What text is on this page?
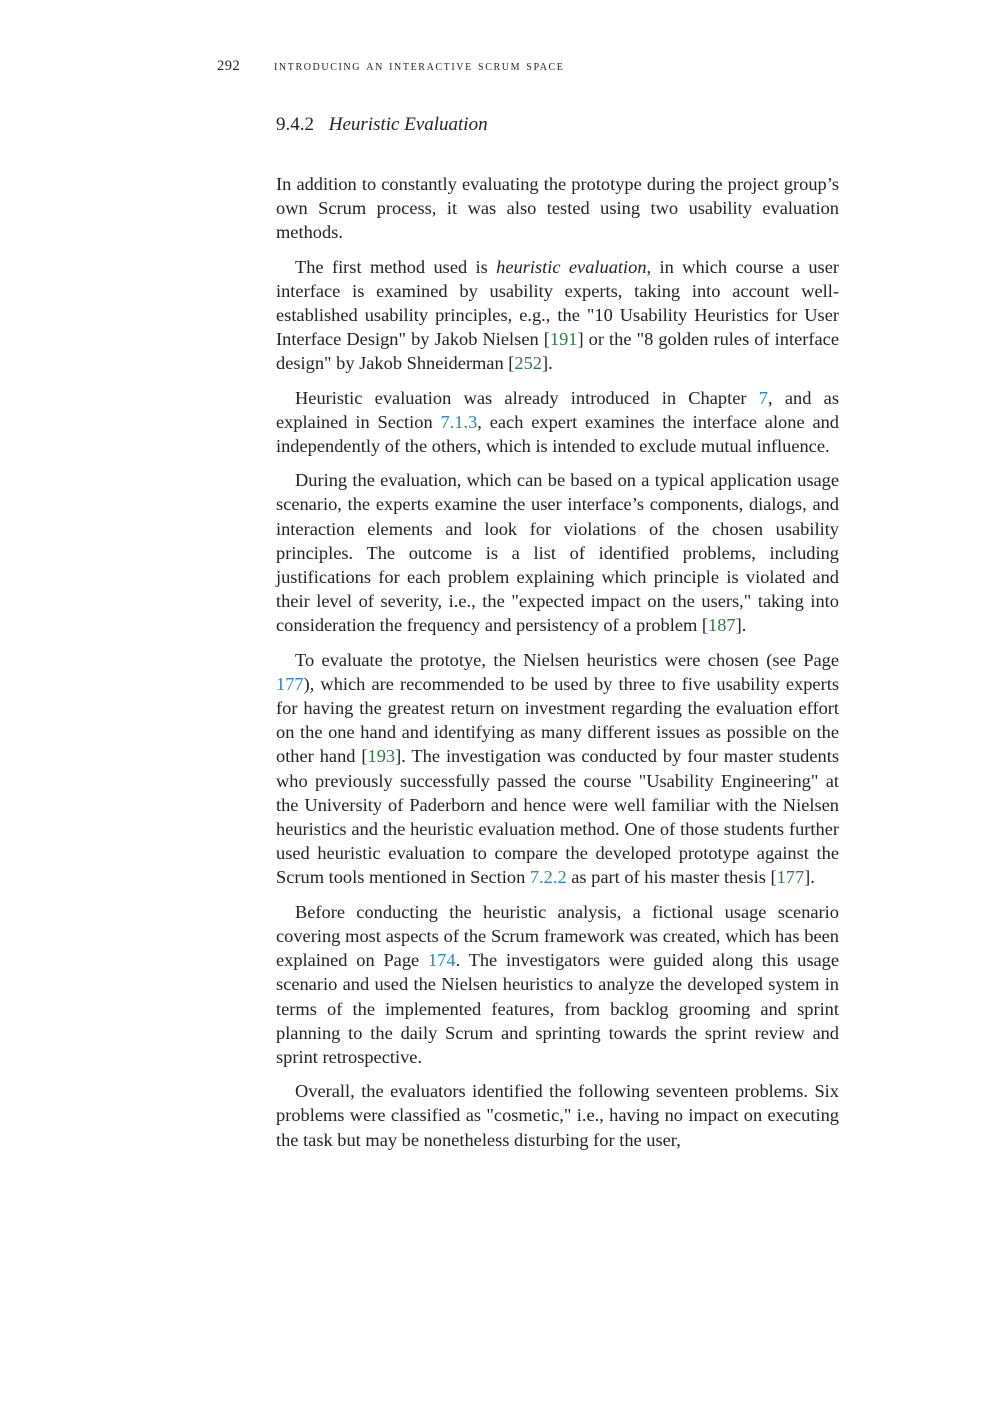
292 introducing an interactive scrum space
9.4.2 Heuristic Evaluation

In addition to constantly evaluating the prototype during the project group’s own Scrum process, it was also tested using two usability evaluation methods.

The first method used is heuristic evaluation, in which course a user interface is examined by usability experts, taking into account well-established usability principles, e.g., the "10 Usability Heuristics for User Interface Design" by Jakob Nielsen [191] or the "8 golden rules of interface design" by Jakob Shneiderman [252].

Heuristic evaluation was already introduced in Chapter 7, and as explained in Section 7.1.3, each expert examines the interface alone and independently of the others, which is intended to exclude mutual influence.

During the evaluation, which can be based on a typical application usage scenario, the experts examine the user interface’s components, dialogs, and interaction elements and look for violations of the chosen usability principles. The outcome is a list of identified problems, including justifications for each problem explaining which principle is violated and their level of severity, i.e., the "expected impact on the users," taking into consideration the frequency and persistency of a problem [187].

To evaluate the prototye, the Nielsen heuristics were chosen (see Page 177), which are recommended to be used by three to five usability experts for having the greatest return on investment regarding the evaluation effort on the one hand and identifying as many different issues as possible on the other hand [193]. The investigation was conducted by four master students who previously successfully passed the course "Usability Engineering" at the University of Paderborn and hence were well familiar with the Nielsen heuristics and the heuristic evaluation method. One of those students further used heuristic evaluation to compare the developed prototype against the Scrum tools mentioned in Section 7.2.2 as part of his master thesis [177].

Before conducting the heuristic analysis, a fictional usage scenario covering most aspects of the Scrum framework was created, which has been explained on Page 174. The investigators were guided along this usage scenario and used the Nielsen heuristics to analyze the developed system in terms of the implemented features, from backlog grooming and sprint planning to the daily Scrum and sprinting towards the sprint review and sprint retrospective.

Overall, the evaluators identified the following seventeen problems. Six problems were classified as "cosmetic," i.e., having no impact on executing the task but may be nonetheless disturbing for the user,
